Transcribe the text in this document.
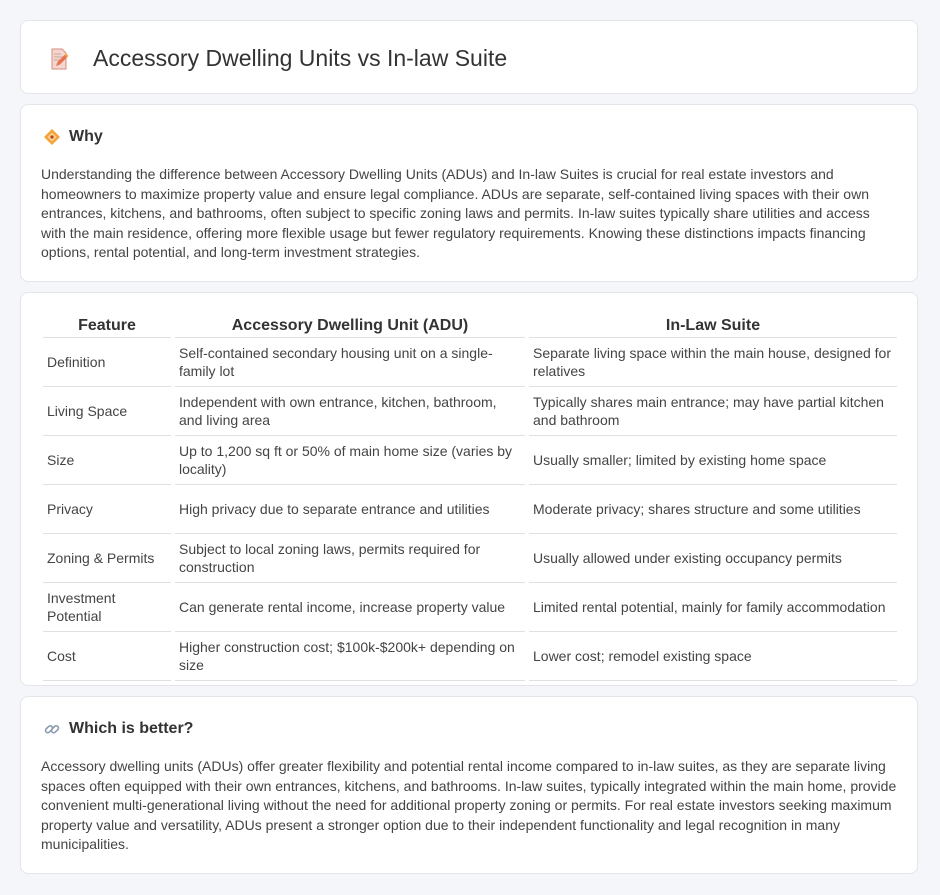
Accessory Dwelling Units vs In-law Suite
Why

Understanding the difference between Accessory Dwelling Units (ADUs) and In-law Suites is crucial for real estate investors and homeowners to maximize property value and ensure legal compliance. ADUs are separate, self-contained living spaces with their own entrances, kitchens, and bathrooms, often subject to specific zoning laws and permits. In-law suites typically share utilities and access with the main residence, offering more flexible usage but fewer regulatory requirements. Knowing these distinctions impacts financing options, rental potential, and long-term investment strategies.

Feature	Accessory Dwelling Unit (ADU)	In-Law Suite
Definition	Self-contained secondary housing unit on a single-family lot	Separate living space within the main house, designed for relatives
Living Space	Independent with own entrance, kitchen, bathroom, and living area	Typically shares main entrance; may have partial kitchen and bathroom
Size	Up to 1,200 sq ft or 50% of main home size (varies by locality)	Usually smaller; limited by existing home space
Privacy	High privacy due to separate entrance and utilities	Moderate privacy; shares structure and some utilities
Zoning & Permits	Subject to local zoning laws, permits required for construction	Usually allowed under existing occupancy permits
Investment Potential	Can generate rental income, increase property value	Limited rental potential, mainly for family accommodation
Cost	Higher construction cost; $100k-$200k+ depending on size	Lower cost; remodel existing space
Which is better?

Accessory dwelling units (ADUs) offer greater flexibility and potential rental income compared to in-law suites, as they are separate living spaces often equipped with their own entrances, kitchens, and bathrooms. In-law suites, typically integrated within the main home, provide convenient multi-generational living without the need for additional property zoning or permits. For real estate investors seeking maximum property value and versatility, ADUs present a stronger option due to their independent functionality and legal recognition in many municipalities.
